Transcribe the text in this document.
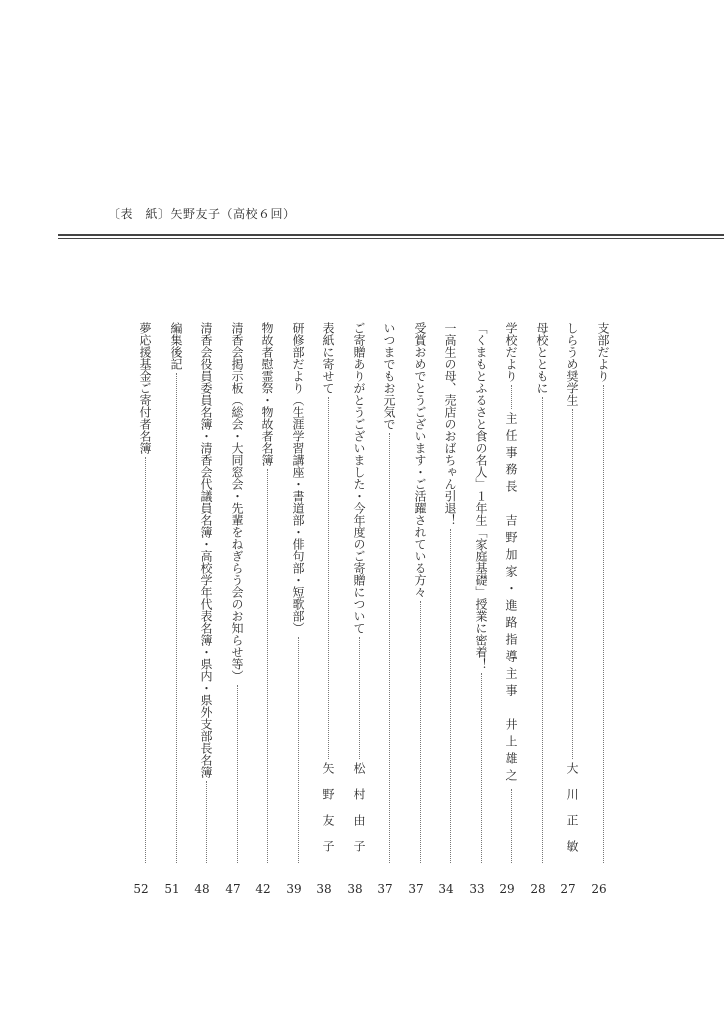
〔表　紙〕矢野友子（高校６回）
支部だより
26
しらうめ奨学生
大川正敏
27
母校とともに
28
学校だより
主任事務長　吉野加家・進路指導主事　井上雄之
29
「くまもとふるさと食の名人」１年生「家庭基礎」授業に密着！
33
一高生の母、売店のおばちゃん引退！
34
受賞おめでとうございます・ご活躍されている方々
37
いつまでもお元気で
37
ご寄贈ありがとうございました・今年度のご寄贈について
松村由子
38
表紙に寄せて
矢野友子
38
研修部だより（生涯学習講座・書道部・俳句部・短歌部）
39
物故者慰霊祭・物故者名簿
42
清香会掲示板（総会・大同窓会・先輩をねぎらう会のお知らせ等）
47
清香会役員委員名簿・清香会代議員名簿・高校学年代表名簿・県内・県外支部長名簿
48
編集後記
51
夢応援基金ご寄付者名簿
52
